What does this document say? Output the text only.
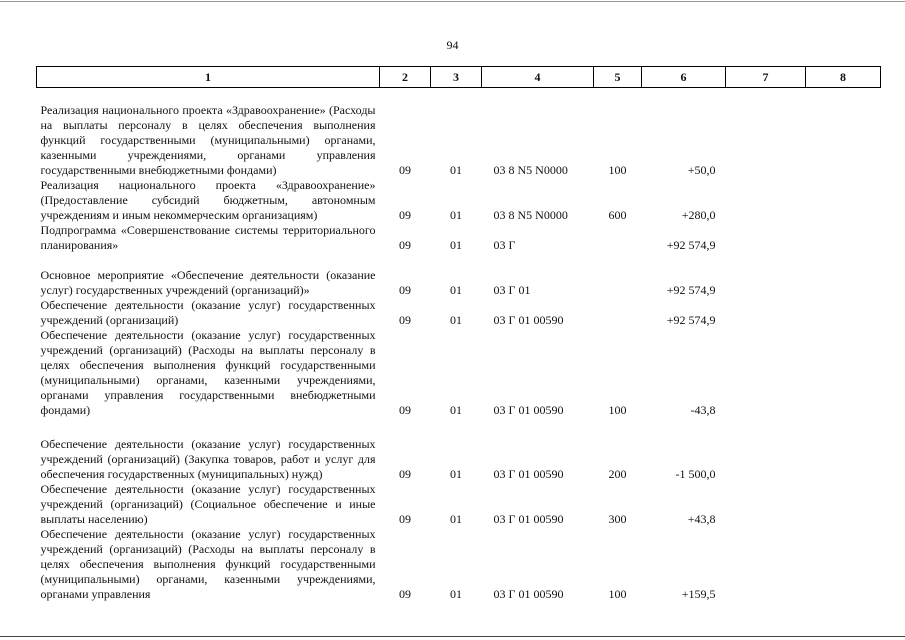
94
1	2	3	4	5	6	7	8
Реализация национального проекта «Здравоохранение» (Расходы на выплаты персоналу в целях обеспечения выполнения функций государственными (муниципальными) органами, казенными учреждениями, органами управления государственными внебюджетными фондами)	09	01	03 8 N5 N0000	100	+50,0		
Реализация национального проекта «Здравоохранение» (Предоставление субсидий бюджетным, автономным учреждениям и иным некоммерческим организациям)	09	01	03 8 N5 N0000	600	+280,0		
Подпрограмма «Совершенствование системы территориального планирования»	09	01	03 Г		+92 574,9		
Основное мероприятие «Обеспечение деятельности (оказание услуг) государственных учреждений (организаций)»	09	01	03 Г 01		+92 574,9		
Обеспечение деятельности (оказание услуг) государственных учреждений (организаций)	09	01	03 Г 01 00590		+92 574,9		
Обеспечение деятельности (оказание услуг) государственных учреждений (организаций) (Расходы на выплаты персоналу в целях обеспечения выполнения функций государственными (муниципальными) органами, казенными учреждениями, органами управления государственными внебюджетными фондами)	09	01	03 Г 01 00590	100	-43,8		
Обеспечение деятельности (оказание услуг) государственных учреждений (организаций) (Закупка товаров, работ и услуг для обеспечения государственных (муниципальных) нужд)	09	01	03 Г 01 00590	200	-1 500,0		
Обеспечение деятельности (оказание услуг) государственных учреждений (организаций) (Социальное обеспечение и иные выплаты населению)	09	01	03 Г 01 00590	300	+43,8		
Обеспечение деятельности (оказание услуг) государственных учреждений (организаций) (Расходы на выплаты персоналу в целях обеспечения выполнения функций государственными (муниципальными) органами, казенными учреждениями, органами управления	09	01	03 Г 01 00590	100	+159,5		
